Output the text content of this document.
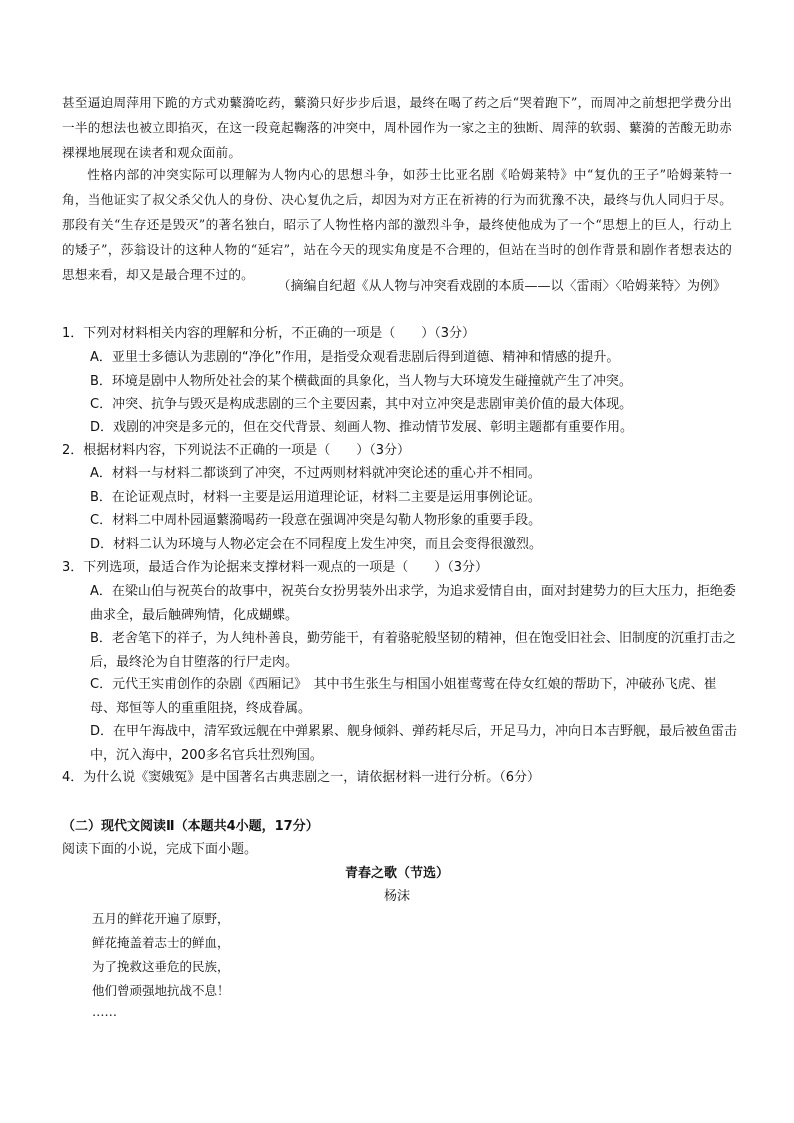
甚至逼迫周萍用下跪的方式劝蘩漪吃药，蘩漪只好步步后退，最终在喝了药之后“哭着跑下”，而周冲之前想把学费分出一半的想法也被立即掐灭，在这一段竟起鞠落的冲突中，周朴园作为一家之主的独断、周萍的软弱、蘩漪的苦酸无助赤裸裸地展现在读者和观众面前。

性格内部的冲突实际可以理解为人物内心的思想斗争，如莎士比亚名剧《哈姆莱特》中“复仇的王子”哈姆莱特一角，当他证实了叔父杀父仇人的身份、决心复仇之后，却因为对方正在祈祷的行为而犹豫不决，最终与仇人同归于尽。那段有关“生存还是毁灭”的著名独白，昭示了人物性格内部的激烈斗争，最终使他成为了一个“思想上的巨人，行动上的矮子”，莎翁设计的这种人物的“延宕”，站在今天的现实角度是不合理的，但站在当时的创作背景和剧作者想表达的思想来看，却又是最合理不过的。

（摘编自纪超《从人物与冲突看戏剧的本质——以〈雷雨〉〈哈姆莱特〉为例》

1．下列对材料相关内容的理解和分析，不正确的一项是（　　）（3分）

A．亚里士多德认为悲剧的“净化”作用，是指受众观看悲剧后得到道德、精神和情感的提升。

B．环境是剧中人物所处社会的某个横截面的具象化，当人物与大环境发生碰撞就产生了冲突。

C．冲突、抗争与毁灭是构成悲剧的三个主要因素，其中对立冲突是悲剧审美价值的最大体现。

D．戏剧的冲突是多元的，但在交代背景、刻画人物、推动情节发展、彰明主题都有重要作用。

2．根据材料内容，下列说法不正确的一项是（　　）（3分）

A．材料一与材料二都谈到了冲突，不过两则材料就冲突论述的重心并不相同。

B．在论证观点时，材料一主要是运用道理论证，材料二主要是运用事例论证。

C．材料二中周朴园逼蘩漪喝药一段意在强调冲突是勾勒人物形象的重要手段。

D．材料二认为环境与人物必定会在不同程度上发生冲突，而且会变得很激烈。

3．下列选项，最适合作为论据来支撑材料一观点的一项是（　　）（3分）

A．在梁山伯与祝英台的故事中，祝英台女扮男装外出求学，为追求爱情自由，面对封建势力的巨大压力，拒绝委曲求全，最后触碑殉情，化成蝴蝶。

B．老舍笔下的祥子，为人纯朴善良，勤劳能干，有着骆驼般坚韧的精神，但在饱受旧社会、旧制度的沉重打击之后，最终沦为自甘堕落的行尸走肉。

C．元代王实甫创作的杂剧《西厢记》　其中书生张生与相国小姐崔莺莺在侍女红娘的帮助下，冲破孙飞虎、崔母、郑恒等人的重重阻挠，终成眷属。

D．在甲午海战中，清军致远舰在中弹累累、舰身倾斜、弹药耗尽后，开足马力，冲向日本吉野舰，最后被鱼雷击中，沉入海中，200多名官兵壮烈殉国。

4．为什么说《窦娥冤》是中国著名古典悲剧之一，请依据材料一进行分析。（6分）

（二）现代文阅读Ⅱ（本题共4小题，17分）
阅读下面的小说，完成下面小题。
青春之歌（节选）
杨沫
五月的鲜花开遍了原野，
鲜花掩盖着志士的鲜血，
为了挽救这垂危的民族，
他们曾顽强地抗战不息！
……
